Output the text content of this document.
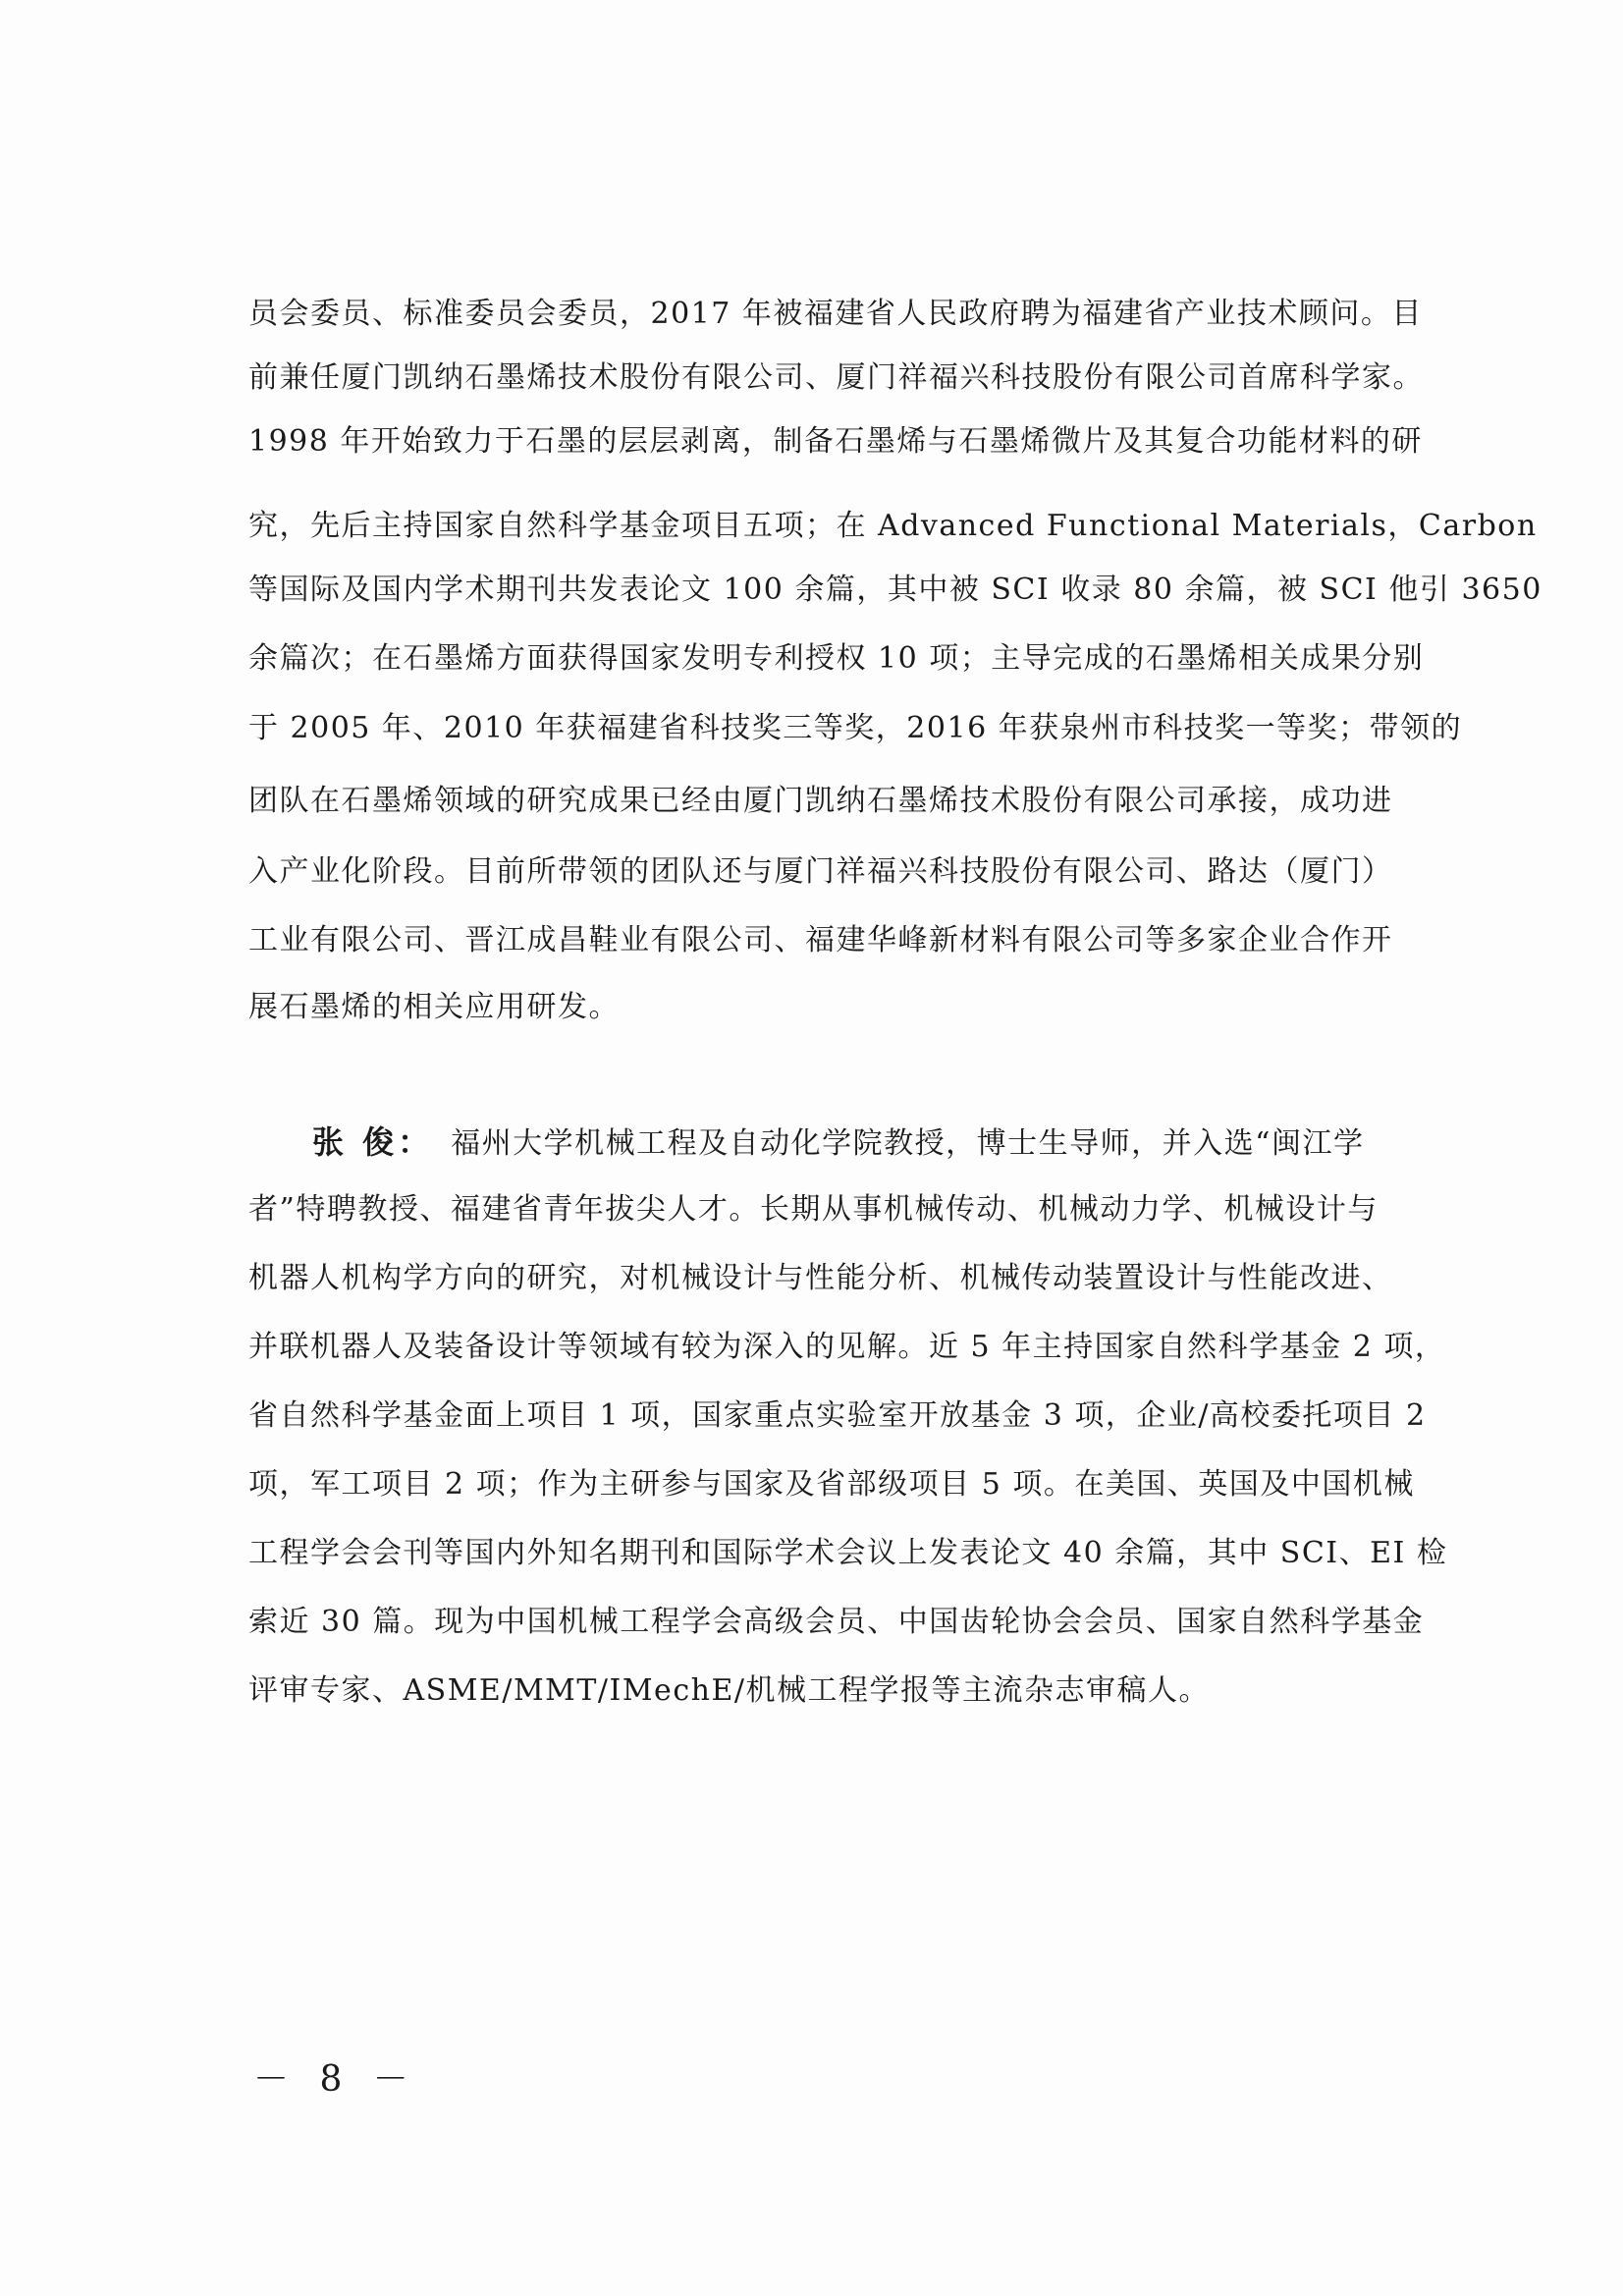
员会委员、标准委员会委员，2017 年被福建省人民政府聘为福建省产业技术顾问。目
前兼任厦门凯纳石墨烯技术股份有限公司、厦门祥福兴科技股份有限公司首席科学家。
1998 年开始致力于石墨的层层剥离，制备石墨烯与石墨烯微片及其复合功能材料的研
究，先后主持国家自然科学基金项目五项；在 Advanced Functional Materials，Carbon
等国际及国内学术期刊共发表论文 100 余篇，其中被 SCI 收录 80 余篇，被 SCI 他引 3650
余篇次；在石墨烯方面获得国家发明专利授权 10 项；主导完成的石墨烯相关成果分别
于 2005 年、2010 年获福建省科技奖三等奖，2016 年获泉州市科技奖一等奖；带领的
团队在石墨烯领域的研究成果已经由厦门凯纳石墨烯技术股份有限公司承接，成功进
入产业化阶段。目前所带领的团队还与厦门祥福兴科技股份有限公司、路达（厦门）
工业有限公司、晋江成昌鞋业有限公司、福建华峰新材料有限公司等多家企业合作开
展石墨烯的相关应用研发。
张 俊： 福州大学机械工程及自动化学院教授，博士生导师，并入选“闽江学
者”特聘教授、福建省青年拔尖人才。长期从事机械传动、机械动力学、机械设计与
机器人机构学方向的研究，对机械设计与性能分析、机械传动装置设计与性能改进、
并联机器人及装备设计等领域有较为深入的见解。近 5 年主持国家自然科学基金 2 项，
省自然科学基金面上项目 1 项，国家重点实验室开放基金 3 项，企业/高校委托项目 2
项，军工项目 2 项；作为主研参与国家及省部级项目 5 项。在美国、英国及中国机械
工程学会会刊等国内外知名期刊和国际学术会议上发表论文 40 余篇，其中 SCI、EI 检
索近 30 篇。现为中国机械工程学会高级会员、中国齿轮协会会员、国家自然科学基金
评审专家、ASME/MMT/IMechE/机械工程学报等主流杂志审稿人。
－ 8 －
